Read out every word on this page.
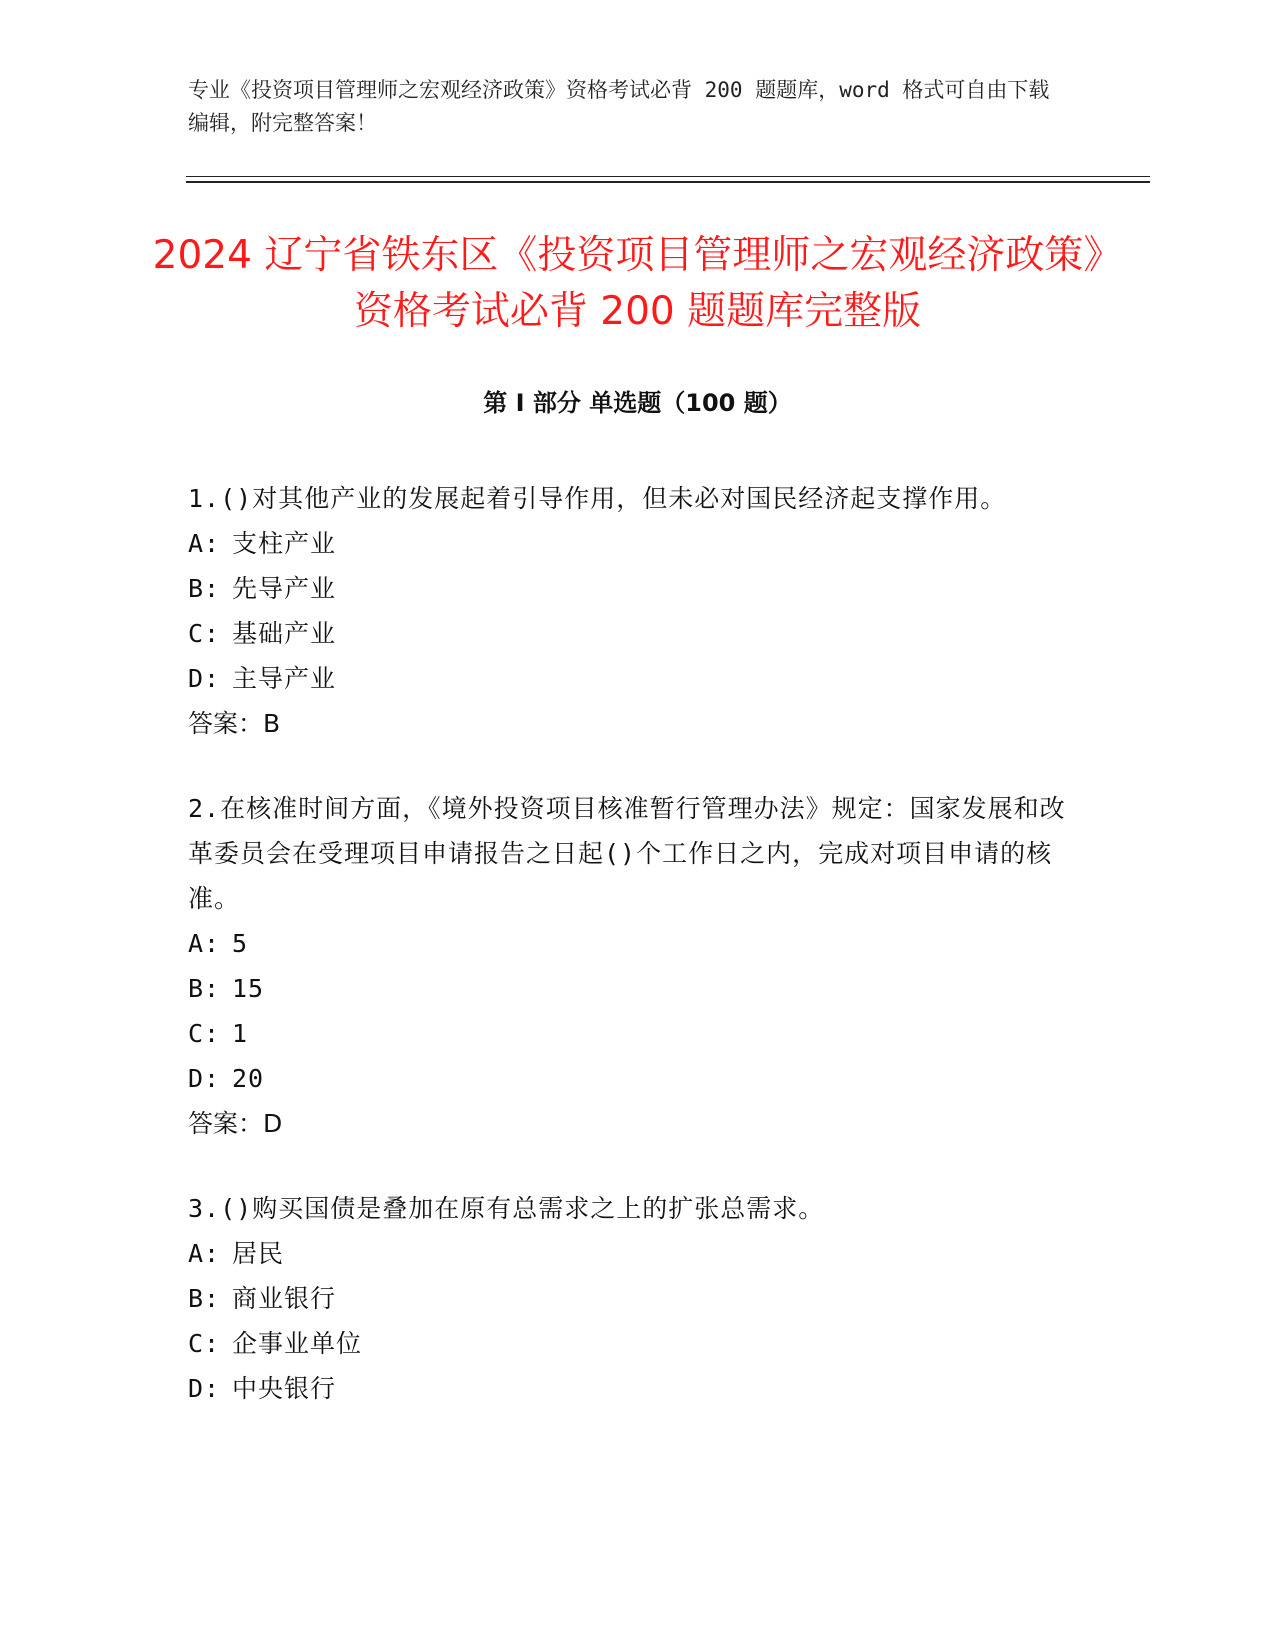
专业《投资项目管理师之宏观经济政策》资格考试必背 200 题题库，word 格式可自由下载编辑，附完整答案！
2024 辽宁省铁东区《投资项目管理师之宏观经济政策》资格考试必背 200 题题库完整版
第 I 部分 单选题（100 题）
1.()对其他产业的发展起着引导作用，但未必对国民经济起支撑作用。
A: 支柱产业
B: 先导产业
C: 基础产业
D: 主导产业
答案：B
2.在核准时间方面，《境外投资项目核准暂行管理办法》规定：国家发展和改革委员会在受理项目申请报告之日起()个工作日之内，完成对项目申请的核准。
A: 5
B: 15
C: 1
D: 20
答案：D
3.()购买国债是叠加在原有总需求之上的扩张总需求。
A: 居民
B: 商业银行
C: 企事业单位
D: 中央银行
